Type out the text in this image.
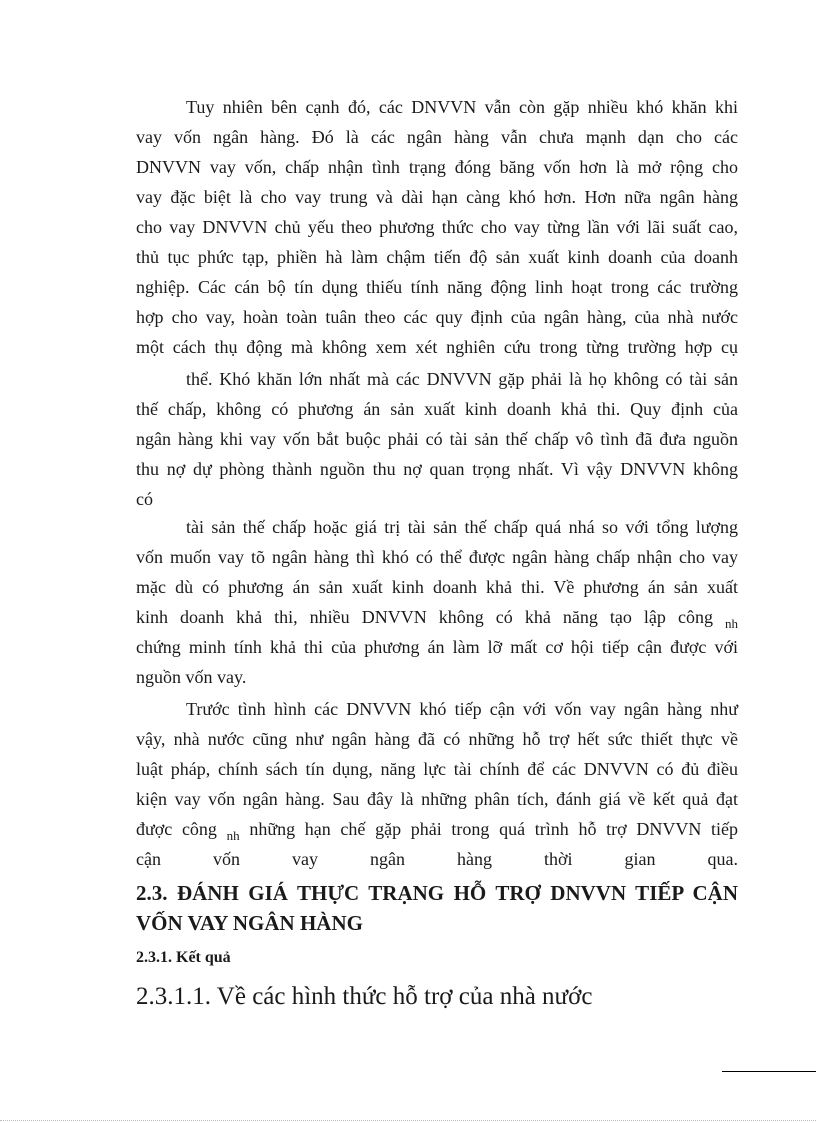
Tuy nhiên bên cạnh đó, các DNVVN vẫn còn gặp nhiều khó khăn khi
vay vốn ngân hàng. Đó là các ngân hàng vẫn chưa mạnh dạn cho các
DNVVN vay vốn, chấp nhận tình trạng đóng băng vốn hơn là mở rộng cho
vay đặc biệt là cho vay trung và dài hạn càng khó hơn. Hơn nữa ngân hàng
cho vay DNVVN chủ yếu theo phương thức cho vay từng lần với lãi suất cao,
thủ tục phức tạp, phiền hà làm chậm tiến độ sản xuất kinh doanh của doanh
nghiệp. Các cán bộ tín dụng thiếu tính năng động linh hoạt trong các trường
hợp cho vay, hoàn toàn tuân theo các quy định của ngân hàng, của nhà nước
một cách thụ động mà không xem xét nghiên cứu trong từng trường hợp cụ
thể. Khó khăn lớn nhất mà các DNVVN gặp phải là họ không có tài sản
thế chấp, không có phương án sản xuất kinh doanh khả thi. Quy định của
ngân hàng khi vay vốn bắt buộc phải có tài sản thế chấp vô tình đã đưa nguồn
thu nợ dự phòng thành nguồn thu nợ quan trọng nhất. Vì vậy DNVVN không
có
tài sản thế chấp hoặc giá trị tài sản thế chấp quá nhá so với tổng lượng
vốn muốn vay tõ ngân hàng thì khó có thể được ngân hàng chấp nhận cho vay
mặc dù có phương án sản xuất kinh doanh khả thi. Về phương án sản xuất
kinh doanh khả thi, nhiều DNVVN không có khả năng tạo lập công $_{nh}$
chứng minh tính khả thi của phương án làm lỡ mất cơ hội tiếp cận được với
nguồn vốn vay.
Trước tình hình các DNVVN khó tiếp cận với vốn vay ngân hàng như
vậy, nhà nước cũng như ngân hàng đã có những hỗ trợ hết sức thiết thực về
luật pháp, chính sách tín dụng, năng lực tài chính để các DNVVN có đủ điều
kiện vay vốn ngân hàng. Sau đây là những phân tích, đánh giá về kết quả đạt
được công $_{nh}$ những hạn chế gặp phải trong quá trình hỗ trợ DNVVN tiếp
cận vốn vay ngân hàng thời gian qua.
2.3. ĐÁNH GIÁ THỰC TRẠNG HỖ TRỢ DNVVN TIẾP CẬN
VỐN VAY NGÂN HÀNG
2.3.1. Kết quả
2.3.1.1. Về các hình thức hỗ trợ của nhà nước
